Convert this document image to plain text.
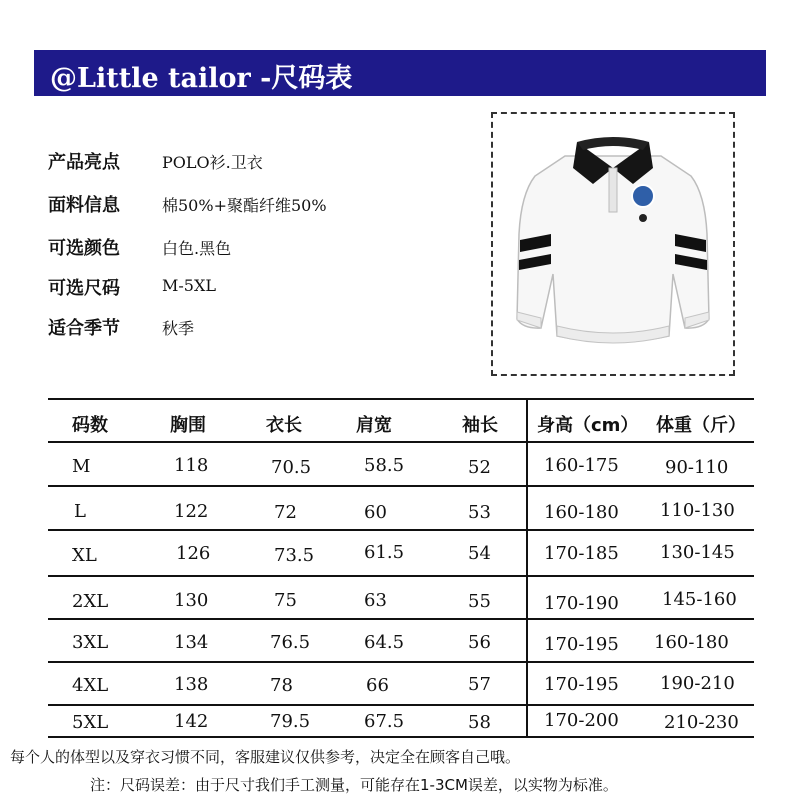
@Little tailor -尺码表
产品亮点	POLO衫.卫衣
面料信息	棉50%+聚酯纤维50%
可选颜色	白色.黑色
可选尺码	M-5XL
适合季节	秋季
码数	胸围	衣长	肩宽	袖长 身高（cm） 体重（斤）
M	118	70.5	58.5	52	160-175	90-110
L	122	72	60	53	160-180 110-130
XL	126	73.5	61.5	54	170-185 130-145
2XL	130	75	63	55	170-190 145-160
3XL	134	76.5	64.5	56	170-195 160-180
4XL	138	78	66	57	170-195 190-210
5XL	142	79.5	67.5	58	170-200	210-230
每个人的体型以及穿衣习惯不同，客服建议仅供参考，决定全在顾客自己哦。
注：尺码误差：由于尺寸我们手工测量，可能存在1-3CM误差，以实物为标准。
